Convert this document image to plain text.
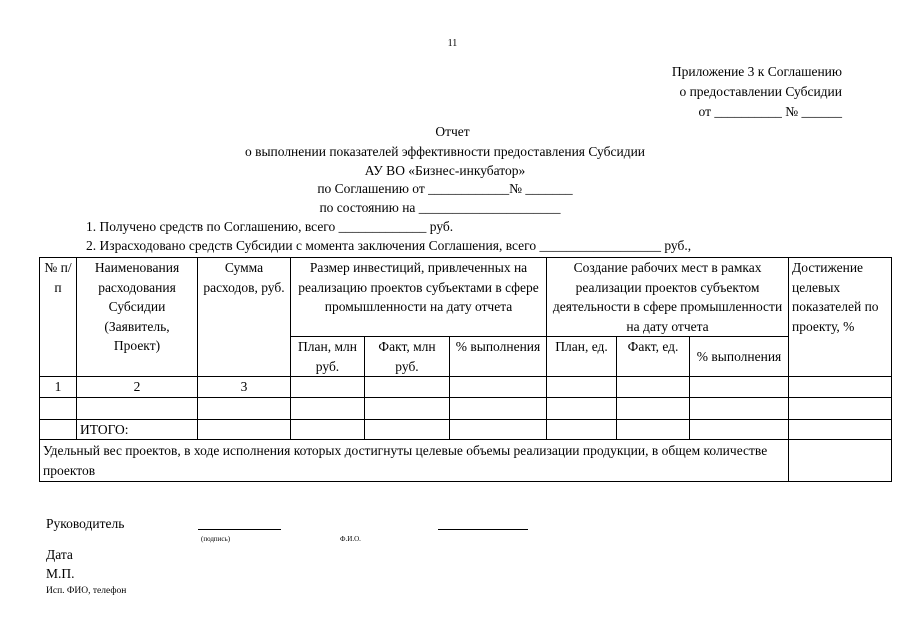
11
Приложение 3 к Соглашению
о предоставлении Субсидии
от __________ № ______
Отчет
о выполнении показателей эффективности предоставления Субсидии
АУ ВО «Бизнес-инкубатор»
по Соглашению от ____________№ _______
по состоянию на _____________________
1. Получено средств по Соглашению, всего _____________ руб.
2. Израсходовано средств Субсидии с момента заключения Соглашения, всего __________________ руб.,
№ п/п	Наименования расходования Субсидии (Заявитель, Проект)	Сумма расходов, руб.	Размер инвестиций, привлеченных на реализацию проектов субъектами в сфере промышленности на дату отчета			Создание рабочих мест в рамках реализации проектов субъектом деятельности в сфере промышленности на дату отчета			Достижение целевых показателей по проекту, %
			План, млн руб.	Факт, млн руб.	% выполнения	План, ед.	Факт, ед.	% выполнения	
1	2	3							

	ИТОГО:								
Удельный вес проектов, в ходе исполнения которых достигнуты целевые объемы реализации продукции, в общем количестве проектов									
Руководитель
(подпись)	Ф.И.О.
Дата
М.П.
Исп. ФИО, телефон
